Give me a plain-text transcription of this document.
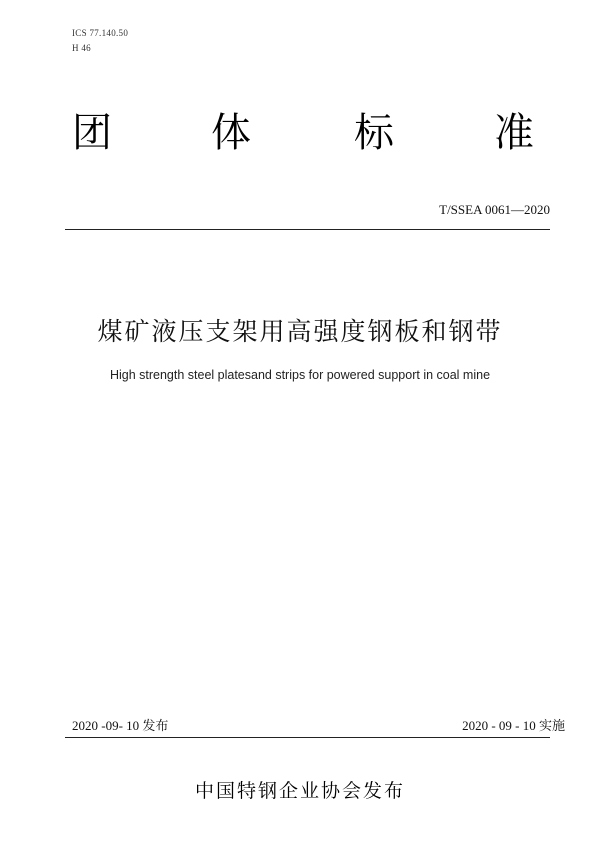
ICS 77.140.50
H 46
团 体	标	准
T/SSEA 0061—2020
煤矿液压支架用高强度钢板和钢带
High strength steel platesand strips for powered support in coal mine
2020 -09- 10 发布	2020 - 09 - 10 实施
中国特钢企业协会发布
